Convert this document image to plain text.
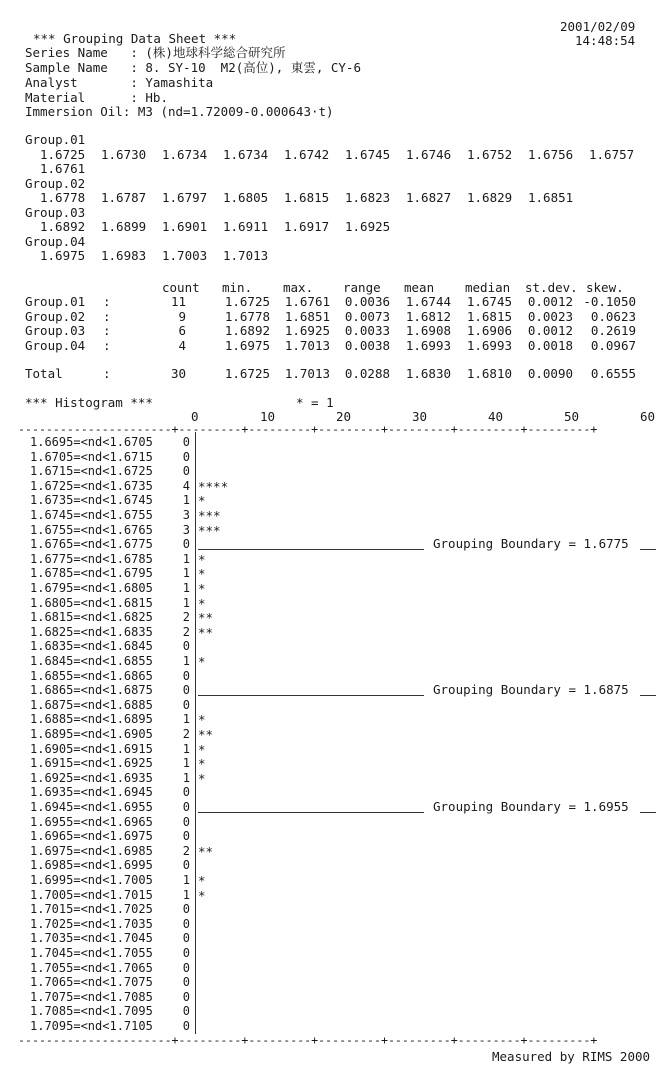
2001/02/09
14:48:54
*** Grouping Data Sheet ***
Series Name   : (株)地球科学総合研究所
Sample Name   : 8. SY-10  M2(高位), 東雲, CY-6
Analyst       : Yamashita
Material      : Hb.
Immersion Oil: M3 (nd=1.72009-0.000643·t)
Group.01
1.6725 1.6730 1.6734 1.6734 1.6742 1.6745 1.6746 1.6752 1.6756 1.6757
1.6761
Group.02
1.6778 1.6787 1.6797 1.6805 1.6815 1.6823 1.6827 1.6829 1.6851
Group.03
1.6892 1.6899 1.6901 1.6911 1.6917 1.6925
Group.04
1.6975 1.6983 1.7003 1.7013
count min. max. range mean median st.dev. skew.
Group.01 :	11	1.6725 1.6761 0.0036 1.6744 1.6745 0.0012 -0.1050
Group.02 :	9	1.6778 1.6851 0.0073 1.6812 1.6815 0.0023 0.0623
Group.03 :	6	1.6892 1.6925 0.0033 1.6908 1.6906 0.0012 0.2619
Group.04 :	4	1.6975 1.7013 0.0038 1.6993 1.6993 0.0018 0.0967
Total	:	30	1.6725 1.7013 0.0288 1.6830 1.6810 0.0090 0.6555
*** Histogram ***	* = 1
0	10	20	30	40	50	60
----------------------+---------+---------+---------+---------+---------+---------+
1.6695=<nd<1.6705 0
1.6705=<nd<1.6715 0
1.6715=<nd<1.6725 0
1.6725=<nd<1.6735 4 ****
1.6735=<nd<1.6745 1 *
1.6745=<nd<1.6755 3 ***
1.6755=<nd<1.6765 3 ***
1.6765=<nd<1.6775 0	Grouping Boundary = 1.6775
1.6775=<nd<1.6785 1 *
1.6785=<nd<1.6795 1 *
1.6795=<nd<1.6805 1 *
1.6805=<nd<1.6815 1 *
1.6815=<nd<1.6825 2 **
1.6825=<nd<1.6835 2 **
1.6835=<nd<1.6845 0
1.6845=<nd<1.6855 1 *
1.6855=<nd<1.6865 0
1.6865=<nd<1.6875 0	Grouping Boundary = 1.6875
1.6875=<nd<1.6885 0
1.6885=<nd<1.6895 1 *
1.6895=<nd<1.6905 2 **
1.6905=<nd<1.6915 1 *
1.6915=<nd<1.6925 1 *
1.6925=<nd<1.6935 1 *
1.6935=<nd<1.6945 0
1.6945=<nd<1.6955 0	Grouping Boundary = 1.6955
1.6955=<nd<1.6965 0
1.6965=<nd<1.6975 0
1.6975=<nd<1.6985 2 **
1.6985=<nd<1.6995 0
1.6995=<nd<1.7005 1 *
1.7005=<nd<1.7015 1 *
1.7015=<nd<1.7025 0
1.7025=<nd<1.7035 0
1.7035=<nd<1.7045 0
1.7045=<nd<1.7055 0
1.7055=<nd<1.7065 0
1.7065=<nd<1.7075 0
1.7075=<nd<1.7085 0
1.7085=<nd<1.7095 0
1.7095=<nd<1.7105 0
----------------------+---------+---------+---------+---------+---------+---------+
Measured by RIMS 2000
